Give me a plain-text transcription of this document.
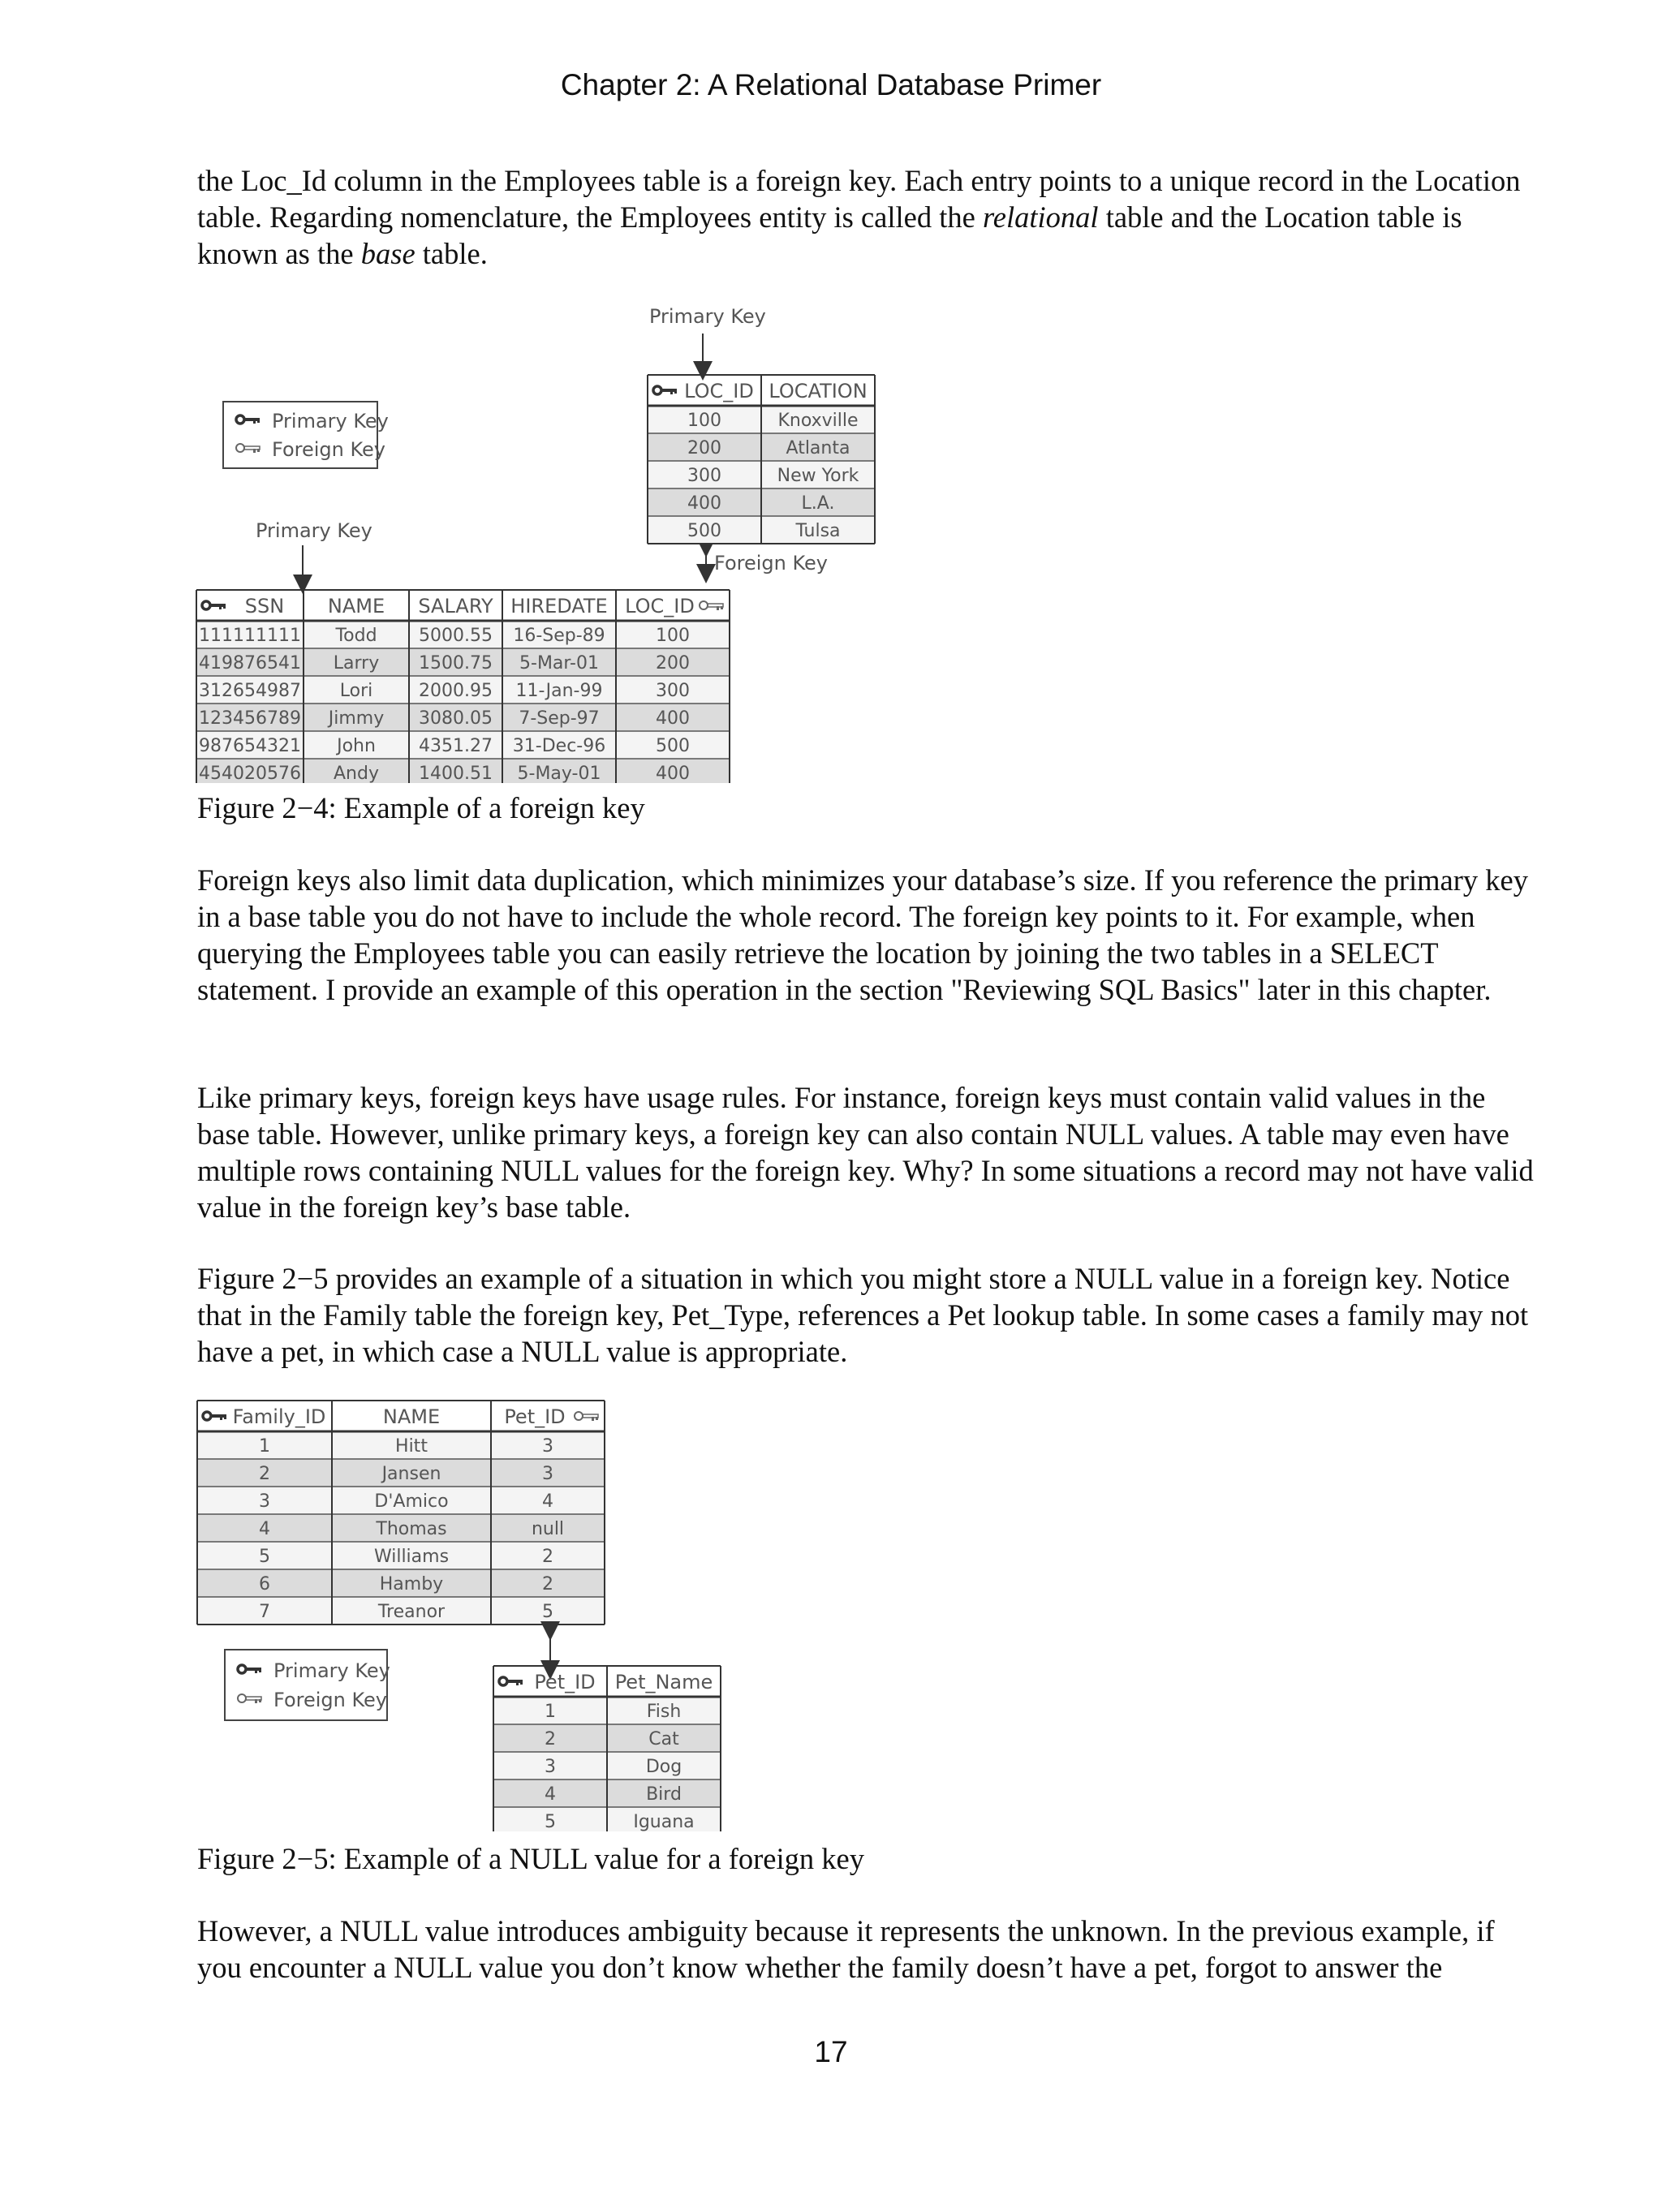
Chapter 2: A Relational Database Primer

the Loc_Id column in the Employees table is a foreign key. Each entry points to a unique record in the Location table. Regarding nomenclature, the Employees entity is called the relational table and the Location table is known as the base table.

Primary Key
Foreign Key
Primary Key
Primary Key
Foreign Key
LOC_ID LOCATION
100	Knoxville
200	Atlanta
300	New York
400	L.A.
500	Tulsa
SSN NAME SALARY HIREDATE LOC_ID
111111111 Todd 5000.55 16-Sep-89	100
419876541 Larry 1500.75 5-Mar-01	200
312654987 Lori	2000.95 11-Jan-99	300
123456789 Jimmy 3080.05 7-Sep-97	400
987654321 John 4351.27 31-Dec-96	500
454020576 Andy 1400.51 5-May-01	400
Figure 2−4: Example of a foreign key

Foreign keys also limit data duplication, which minimizes your database’s size. If you reference the primary key in a base table you do not have to include the whole record. The foreign key points to it. For example, when querying the Employees table you can easily retrieve the location by joining the two tables in a SELECT statement. I provide an example of this operation in the section "Reviewing SQL Basics" later in this chapter.

Like primary keys, foreign keys have usage rules. For instance, foreign keys must contain valid values in the base table. However, unlike primary keys, a foreign key can also contain NULL values. A table may even have multiple rows containing NULL values for the foreign key. Why? In some situations a record may not have valid value in the foreign key’s base table.

Figure 2−5 provides an example of a situation in which you might store a NULL value in a foreign key. Notice that in the Family table the foreign key, Pet_Type, references a Pet lookup table. In some cases a family may not have a pet, in which case a NULL value is appropriate.

Family_ID	NAME	Pet_ID
1	Hitt	3
2	Jansen	3
3	D'Amico	4
4	Thomas	null
5	Williams	2
6	Hamby	2
7	Treanor	5
Primary Key
Foreign Key
Pet_ID Pet_Name
1	Fish
2	Cat
3	Dog
4	Bird
5	Iguana
Figure 2−5: Example of a NULL value for a foreign key

However, a NULL value introduces ambiguity because it represents the unknown. In the previous example, if you encounter a NULL value you don’t know whether the family doesn’t have a pet, forgot to answer the

17
